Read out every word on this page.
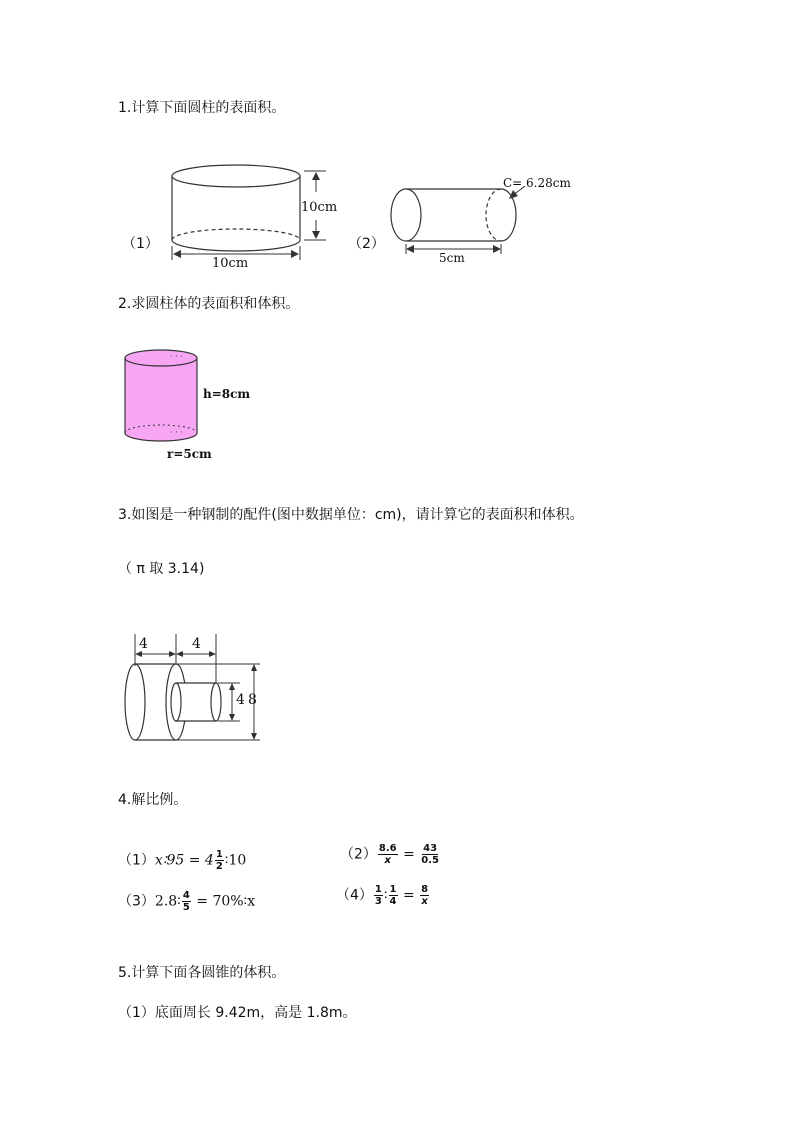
1.计算下面圆柱的表面积。
（1）
10cm
10cm
（2）
C= 6.28cm
5cm
2.求圆柱体的表面积和体积。
· · ·
· · ·
h=8cm
r=5cm
3.如图是一种钢制的配件(图中数据单位：cm)，请计算它的表面积和体积。
（ π 取 3.14)
4	4
4 8
4.解比例。
（1）x∶95 = $4 \frac{1}{2}$ ∶10	$(2) \frac{8.6}{x} = \frac{43}{0.5}$
（3）2.8∶ $\frac{4}{5}$ = 70%∶x	$(4) \frac{1}{3}$ ∶ $\frac{1}{4} = \frac{8}{x}$
5.计算下面各圆锥的体积。
（1）底面周长 9.42m，高是 1.8m。
